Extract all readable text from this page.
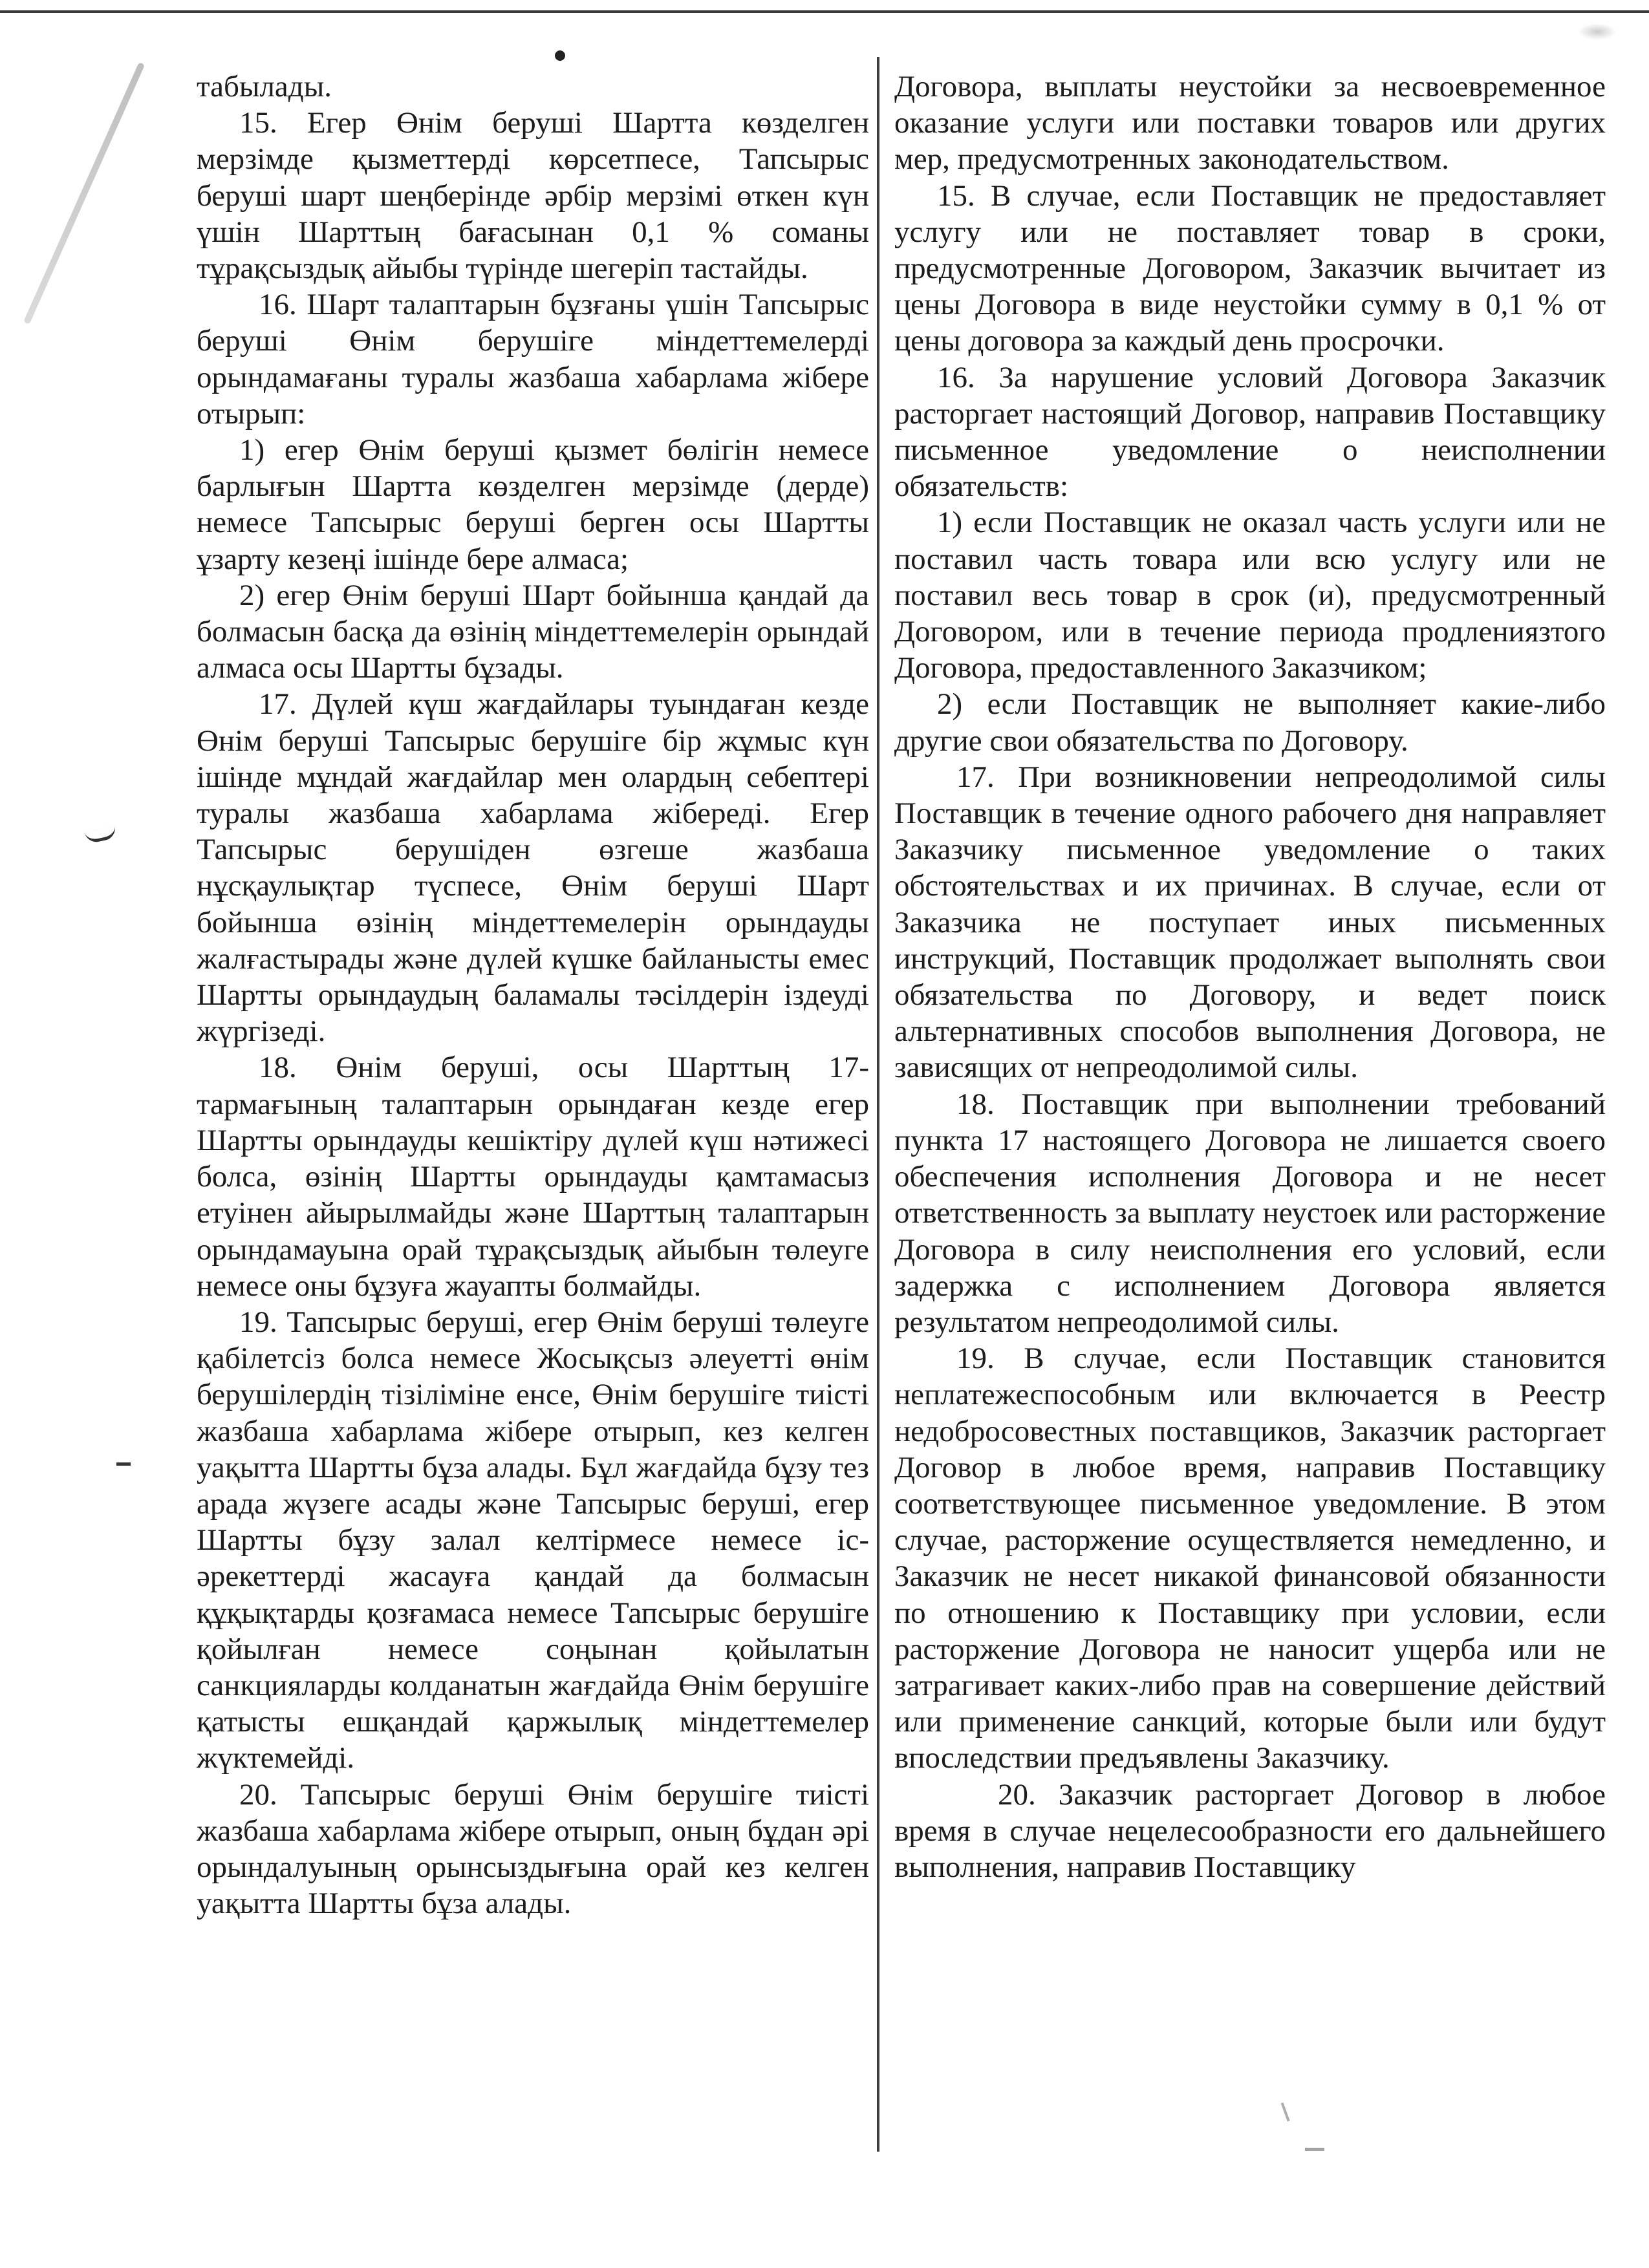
табылады.

15. Егер Өнім беруші Шартта көзделген мерзімде қызметтерді көрсетпесе, Тапсырыс беруші шарт шеңберінде әрбір мерзімі өткен күн үшін Шарттың бағасынан 0,1 % соманы тұрақсыздық айыбы түрінде шегеріп тастайды.

16. Шарт талаптарын бұзғаны үшін Тапсырыс беруші Өнім берушіге міндеттемелерді орындамағаны туралы жазбаша хабарлама жібере отырып:

1) егер Өнім беруші қызмет бөлігін немесе барлығын Шартта көзделген мерзімде (дерде) немесе Тапсырыс беруші берген осы Шартты ұзарту кезеңі ішінде бере алмаса;

2) егер Өнім беруші Шарт бойынша қандай да болмасын басқа да өзінің міндеттемелерін орындай алмаса осы Шартты бұзады.

17. Дүлей күш жағдайлары туындаған кезде Өнім беруші Тапсырыс берушіге бір жұмыс күн ішінде мұндай жағдайлар мен олардың себептері туралы жазбаша хабарлама жібереді. Егер Тапсырыс берушіден өзгеше жазбаша нұсқаулықтар түспесе, Өнім беруші Шарт бойынша өзінің міндеттемелерін орындауды жалғастырады және дүлей күшке байланысты емес Шартты орындаудың баламалы тәсілдерін іздеуді жүргізеді.

18. Өнім беруші, осы Шарттың 17-тармағының талаптарын орындаған кезде егер Шартты орындауды кешіктіру дүлей күш нәтижесі болса, өзінің Шартты орындауды қамтамасыз етуінен айырылмайды және Шарттың талаптарын орындамауына орай тұрақсыздық айыбын төлеуге немесе оны бұзуға жауапты болмайды.

19. Тапсырыс беруші, егер Өнім беруші төлеуге қабілетсіз болса немесе Жосықсыз әлеуетті өнім берушілердің тізіліміне енсе, Өнім берушіге тиісті жазбаша хабарлама жібере отырып, кез келген уақытта Шартты бұза алады. Бұл жағдайда бұзу тез арада жүзеге асады және Тапсырыс беруші, егер Шартты бұзу залал келтірмесе немесе іс-әрекеттерді жасауға қандай да болмасын құқықтарды қозғамаса немесе Тапсырыс берушіге қойылған немесе соңынан қойылатын санкцияларды колданатын жағдайда Өнім берушіге қатысты ешқандай қаржылық міндеттемелер жүктемейді.

20. Тапсырыс беруші Өнім берушіге тиісті жазбаша хабарлама жібере отырып, оның бұдан әрі орындалуының орынсыздығына орай кез келген уақытта Шартты бұза алады.

Договора, выплаты неустойки за несвоевременное оказание услуги или поставки товаров или других мер, предусмотренных законодательством.

15. В случае, если Поставщик не предоставляет услугу или не поставляет товар в сроки, предусмотренные Договором, Заказчик вычитает из цены Договора в виде неустойки сумму в 0,1 % от цены договора за каждый день просрочки.

16. За нарушение условий Договора Заказчик расторгает настоящий Договор, направив Поставщику письменное уведомление о неисполнении обязательств:

1) если Поставщик не оказал часть услуги или не поставил часть товара или всю услугу или не поставил весь товар в срок (и), предусмотренный Договором, или в течение периода продлениязтого Договора, предоставленного Заказчиком;

2) если Поставщик не выполняет какие-либо другие свои обязательства по Договору.

17. При возникновении непреодолимой силы Поставщик в течение одного рабочего дня направляет Заказчику письменное уведомление о таких обстоятельствах и их причинах. В случае, если от Заказчика не поступает иных письменных инструкций, Поставщик продолжает выполнять свои обязательства по Договору, и ведет поиск альтернативных способов выполнения Договора, не зависящих от непреодолимой силы.

18. Поставщик при выполнении требований пункта 17 настоящего Договора не лишается своего обеспечения исполнения Договора и не несет ответственность за выплату неустоек или расторжение Договора в силу неисполнения его условий, если задержка с исполнением Договора является результатом непреодолимой силы.

19. В случае, если Поставщик становится неплатежеспособным или включается в Реестр недобросовестных поставщиков, Заказчик расторгает Договор в любое время, направив Поставщику соответствующее письменное уведомление. В этом случае, расторжение осуществляется немедленно, и Заказчик не несет никакой финансовой обязанности по отношению к Поставщику при условии, если расторжение Договора не наносит ущерба или не затрагивает каких-либо прав на совершение действий или применение санкций, которые были или будут впоследствии предъявлены Заказчику.

20. Заказчик расторгает Договор в любое время в случае нецелесообразности его дальнейшего выполнения, направив Поставщику
